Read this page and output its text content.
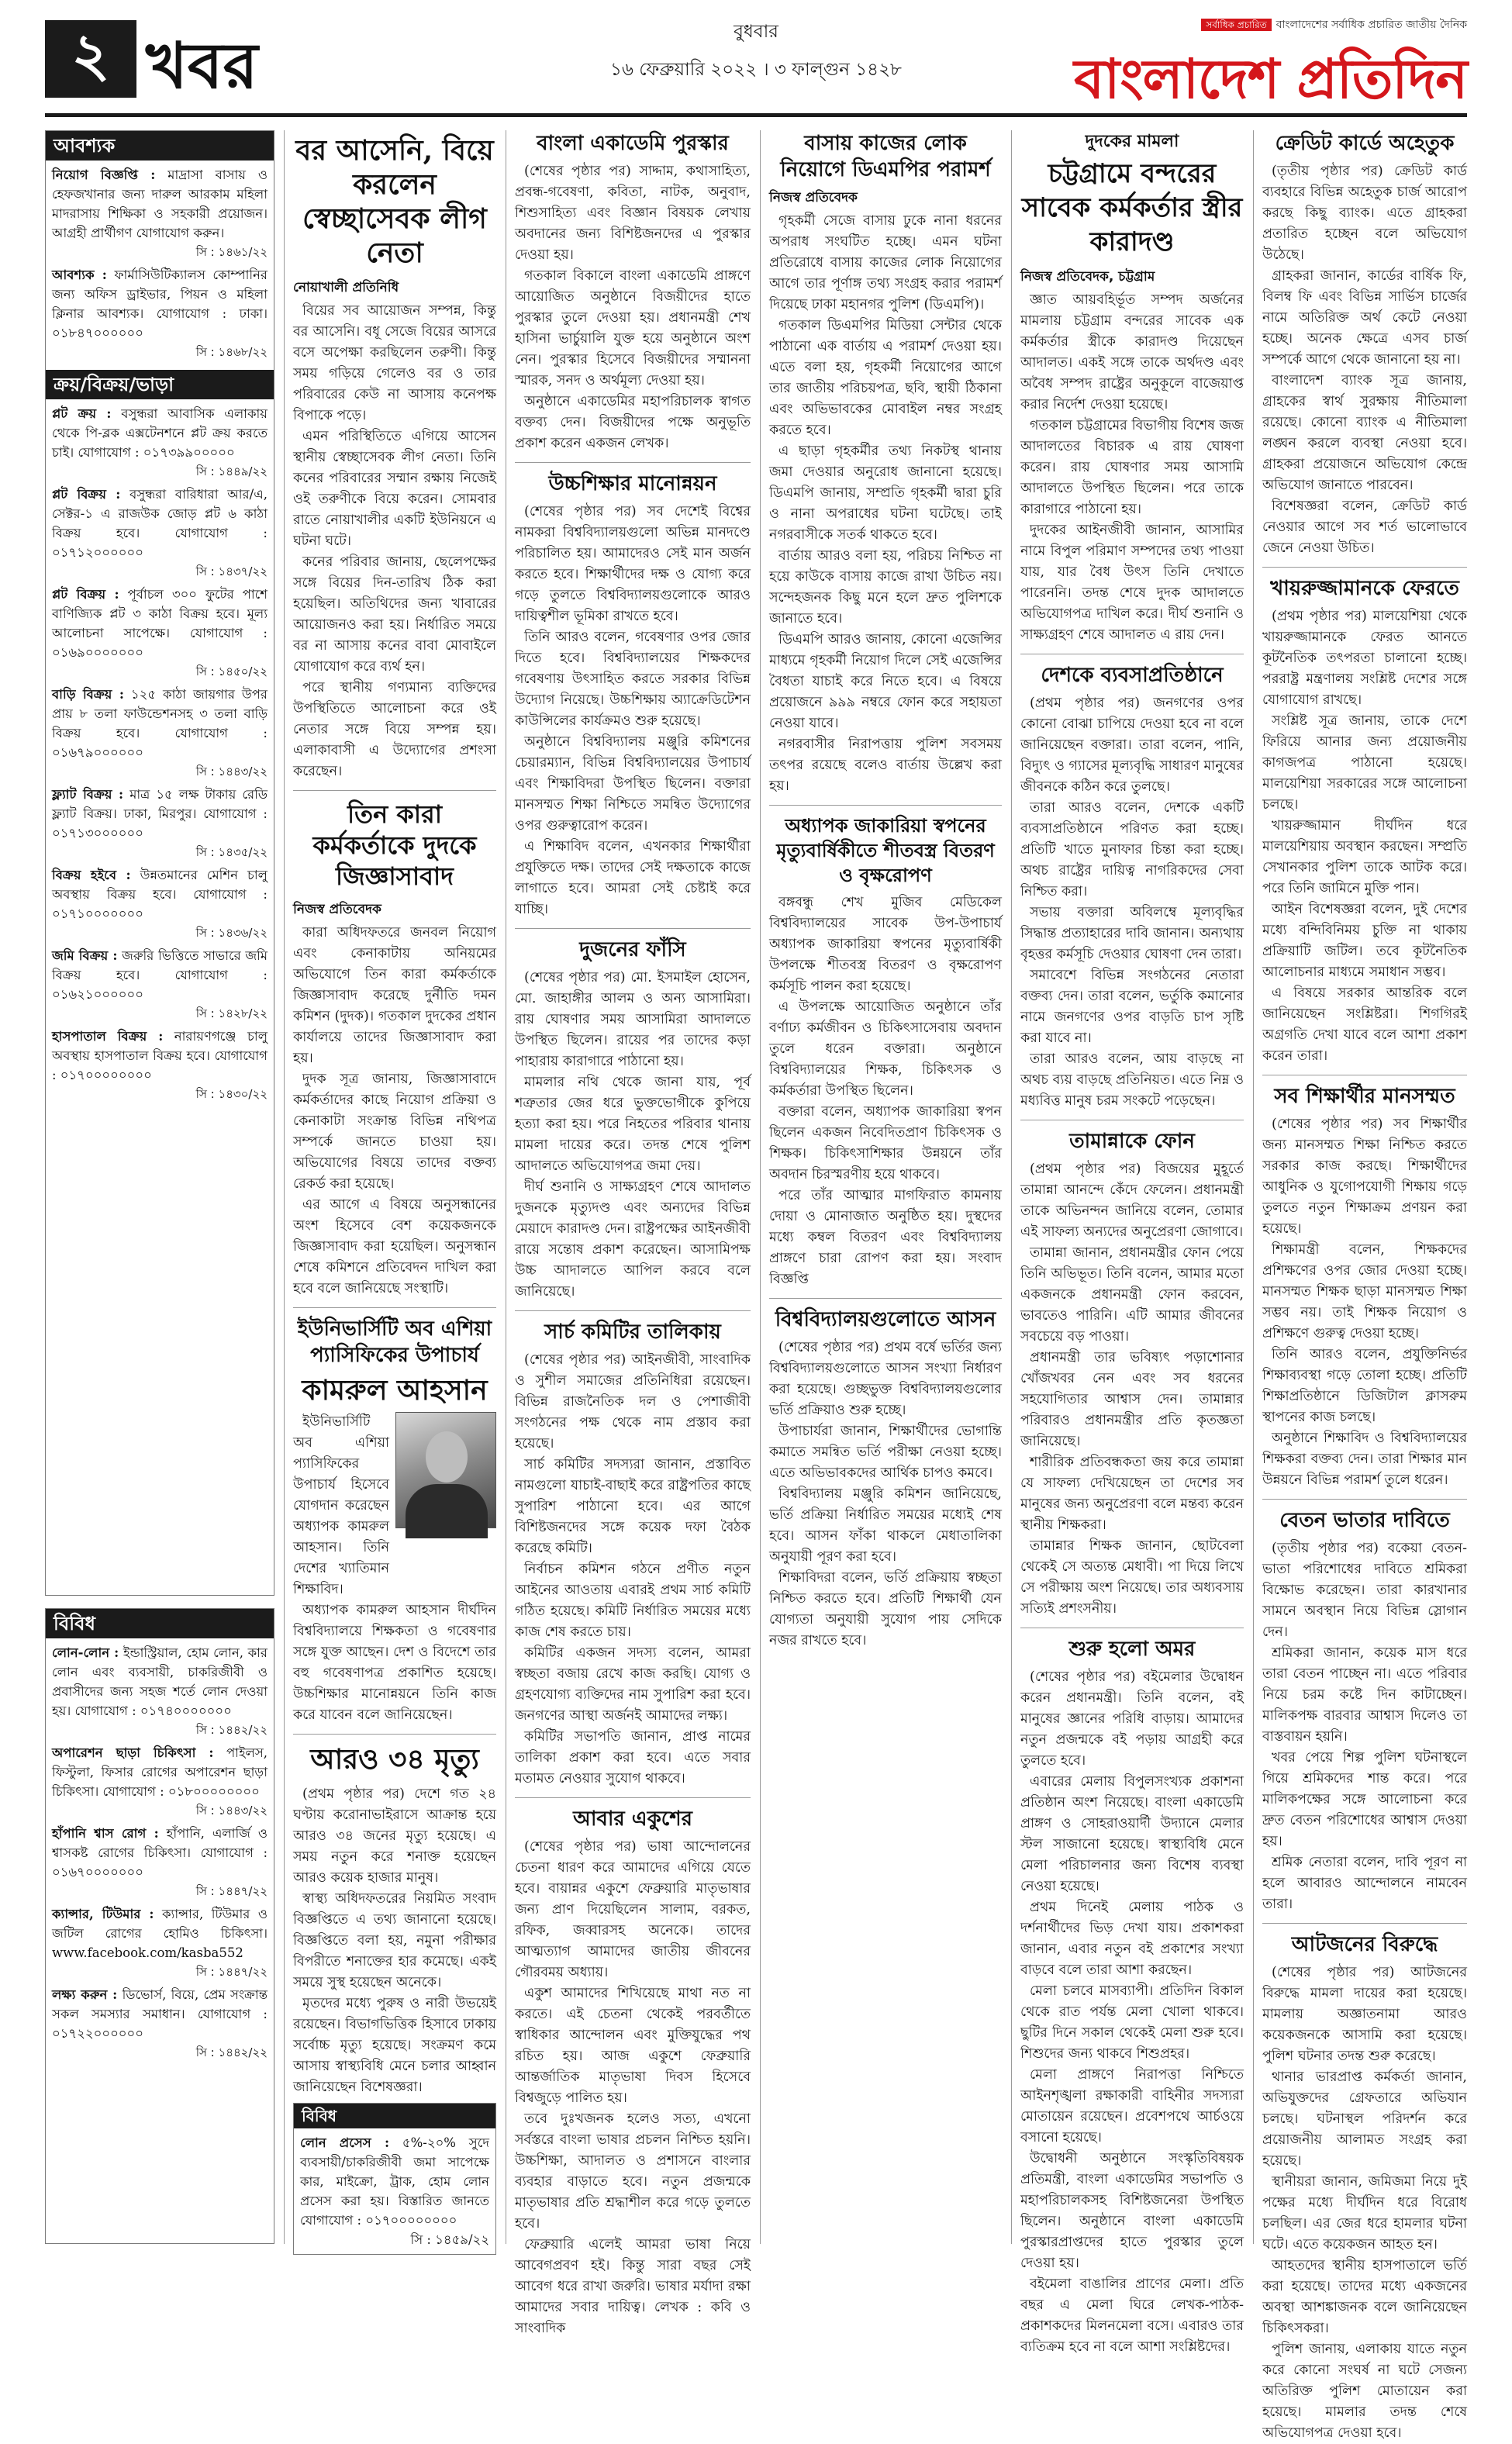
২ খবর	বুধবার
১৬ ফেব্রুয়ারি ২০২২ । ৩ ফাল্গুন ১৪২৮
সর্বাধিক প্রচারিত বাংলাদেশের সর্বাধিক প্রচারিত জাতীয় দৈনিক
বাংলাদেশ প্রতিদিন
আবশ্যক
নিয়োগ বিজ্ঞপ্তি : মাদ্রাসা বাসায় ও হেফজখানার জন্য দারুল আরকাম মহিলা মাদরাসায় শিক্ষিকা ও সহকারী প্রয়োজন। আগ্রহী প্রার্থীগণ যোগাযোগ করুন।
সি : ১৪৬১/২২
আবশ্যক : ফার্মাসিউটিক্যালস কোম্পানির জন্য অফিস ড্রাইভার, পিয়ন ও মহিলা ক্লিনার আবশ্যক। যোগাযোগ : ঢাকা। ০১৮৪৭০০০০০০
সি : ১৪৬৮/২২
ক্রয়/বিক্রয়/ভাড়া
প্লট ক্রয় : বসুন্ধরা আবাসিক এলাকায় থেকে পি-ব্লক এক্সটেনশনে প্লট ক্রয় করতে চাই। যোগাযোগ : ০১৭৩৯৯০০০০০
সি : ১৪৪৯/২২
প্লট বিক্রয় : বসুন্ধরা বারিধারা আর/এ, সেক্টর-১ এ রাজউক জোড় প্লট ৬ কাঠা বিক্রয় হবে। যোগাযোগ : ০১৭১২০০০০০০
সি : ১৪৩৭/২২
প্লট বিক্রয় : পূর্বাচল ৩০০ ফুটের পাশে বাণিজ্যিক প্লট ৩ কাঠা বিক্রয় হবে। মূল্য আলোচনা সাপেক্ষে। যোগাযোগ : ০১৬৯০০০০০০০
সি : ১৪৫০/২২
বাড়ি বিক্রয় : ১২৫ কাঠা জায়গার উপর প্রায় ৮ তলা ফাউন্ডেশনসহ ৩ তলা বাড়ি বিক্রয় হবে। যোগাযোগ : ০১৬৭৯০০০০০০
সি : ১৪৪৩/২২
ফ্ল্যাট বিক্রয় : মাত্র ১৫ লক্ষ টাকায় রেডি ফ্ল্যাট বিক্রয়। ঢাকা, মিরপুর। যোগাযোগ : ০১৭১৩০০০০০০
সি : ১৪৩৫/২২
বিক্রয় হইবে : উন্নতমানের মেশিন চালু অবস্থায় বিক্রয় হবে। যোগাযোগ : ০১৭১০০০০০০০
সি : ১৪৩৬/২২
জমি বিক্রয় : জরুরি ভিত্তিতে সাভারে জমি বিক্রয় হবে। যোগাযোগ : ০১৬২১০০০০০০
সি : ১৪২৮/২২
হাসপাতাল বিক্রয় : নারায়ণগঞ্জে চালু অবস্থায় হাসপাতাল বিক্রয় হবে। যোগাযোগ : ০১৭০০০০০০০০
সি : ১৪৩০/২২
বিবিধ
লোন-লোন : ইন্ডাস্ট্রিয়াল, হোম লোন, কার লোন এবং ব্যবসায়ী, চাকরিজীবী ও প্রবাসীদের জন্য সহজ শর্তে লোন দেওয়া হয়। যোগাযোগ : ০১৭৪০০০০০০০
সি : ১৪৪২/২২
অপারেশন ছাড়া চিকিৎসা : পাইলস, ফিস্টুলা, ফিসার রোগের অপারেশন ছাড়া চিকিৎসা। যোগাযোগ : ০১৮০০০০০০০০
সি : ১৪৪৩/২২
হাঁপানি শ্বাস রোগ : হাঁপানি, এলার্জি ও শ্বাসকষ্ট রোগের চিকিৎসা। যোগাযোগ : ০১৬৭০০০০০০০
সি : ১৪৪৭/২২
ক্যান্সার, টিউমার : ক্যান্সার, টিউমার ও জটিল রোগের হোমিও চিকিৎসা। www.facebook.com/kasba552
সি : ১৪৪৭/২২
লক্ষ্য করুন : ডিভোর্স, বিয়ে, প্রেম সংক্রান্ত সকল সমস্যার সমাধান। যোগাযোগ : ০১৭২২০০০০০০
সি : ১৪৪২/২২
বর আসেনি, বিয়ে করলেন স্বেচ্ছাসেবক লীগ নেতা
নোয়াখালী প্রতিনিধি

বিয়ের সব আয়োজন সম্পন্ন, কিন্তু বর আসেনি। বধূ সেজে বিয়ের আসরে বসে অপেক্ষা করছিলেন তরুণী। কিন্তু সময় গড়িয়ে গেলেও বর ও তার পরিবারের কেউ না আসায় কনেপক্ষ বিপাকে পড়ে।

এমন পরিস্থিতিতে এগিয়ে আসেন স্থানীয় স্বেচ্ছাসেবক লীগ নেতা। তিনি কনের পরিবারের সম্মান রক্ষায় নিজেই ওই তরুণীকে বিয়ে করেন। সোমবার রাতে নোয়াখালীর একটি ইউনিয়নে এ ঘটনা ঘটে।

কনের পরিবার জানায়, ছেলেপক্ষের সঙ্গে বিয়ের দিন-তারিখ ঠিক করা হয়েছিল। অতিথিদের জন্য খাবারের আয়োজনও করা হয়। নির্ধারিত সময়ে বর না আসায় কনের বাবা মোবাইলে যোগাযোগ করে ব্যর্থ হন।

পরে স্থানীয় গণ্যমান্য ব্যক্তিদের উপস্থিতিতে আলোচনা করে ওই নেতার সঙ্গে বিয়ে সম্পন্ন হয়। এলাকাবাসী এ উদ্যোগের প্রশংসা করেছেন।

তিন কারা কর্মকর্তাকে দুদকে জিজ্ঞাসাবাদ
নিজস্ব প্রতিবেদক

কারা অধিদফতরে জনবল নিয়োগ এবং কেনাকাটায় অনিয়মের অভিযোগে তিন কারা কর্মকর্তাকে জিজ্ঞাসাবাদ করেছে দুর্নীতি দমন কমিশন (দুদক)। গতকাল দুদকের প্রধান কার্যালয়ে তাদের জিজ্ঞাসাবাদ করা হয়।

দুদক সূত্র জানায়, জিজ্ঞাসাবাদে কর্মকর্তাদের কাছে নিয়োগ প্রক্রিয়া ও কেনাকাটা সংক্রান্ত বিভিন্ন নথিপত্র সম্পর্কে জানতে চাওয়া হয়। অভিযোগের বিষয়ে তাদের বক্তব্য রেকর্ড করা হয়েছে।

এর আগে এ বিষয়ে অনুসন্ধানের অংশ হিসেবে বেশ কয়েকজনকে জিজ্ঞাসাবাদ করা হয়েছিল। অনুসন্ধান শেষে কমিশনে প্রতিবেদন দাখিল করা হবে বলে জানিয়েছে সংস্থাটি।

ইউনিভার্সিটি অব এশিয়া প্যাসিফিকের উপাচার্য
কামরুল আহসান

ইউনিভার্সিটি অব এশিয়া প্যাসিফিকের উপাচার্য হিসেবে যোগদান করেছেন অধ্যাপক কামরুল আহসান। তিনি দেশের খ্যাতিমান শিক্ষাবিদ।

অধ্যাপক কামরুল আহসান দীর্ঘদিন বিশ্ববিদ্যালয়ে শিক্ষকতা ও গবেষণার সঙ্গে যুক্ত আছেন। দেশ ও বিদেশে তার বহু গবেষণাপত্র প্রকাশিত হয়েছে। উচ্চশিক্ষার মানোন্নয়নে তিনি কাজ করে যাবেন বলে জানিয়েছেন।

আরও ৩৪ মৃত্যু

(প্রথম পৃষ্ঠার পর) দেশে গত ২৪ ঘণ্টায় করোনাভাইরাসে আক্রান্ত হয়ে আরও ৩৪ জনের মৃত্যু হয়েছে। এ সময় নতুন করে শনাক্ত হয়েছেন আরও কয়েক হাজার মানুষ।

স্বাস্থ্য অধিদফতরের নিয়মিত সংবাদ বিজ্ঞপ্তিতে এ তথ্য জানানো হয়েছে। বিজ্ঞপ্তিতে বলা হয়, নমুনা পরীক্ষার বিপরীতে শনাক্তের হার কমেছে। একই সময়ে সুস্থ হয়েছেন অনেকে।

মৃতদের মধ্যে পুরুষ ও নারী উভয়েই রয়েছেন। বিভাগভিত্তিক হিসাবে ঢাকায় সর্বোচ্চ মৃত্যু হয়েছে। সংক্রমণ কমে আসায় স্বাস্থ্যবিধি মেনে চলার আহ্বান জানিয়েছেন বিশেষজ্ঞরা।

বিবিধ
লোন প্রসেস : ৫%-২০% সুদে ব্যবসায়ী/চাকরিজীবী জমা সাপেক্ষে কার, মাইক্রো, ট্রাক, হোম লোন প্রসেস করা হয়। বিস্তারিত জানতে যোগাযোগ : ০১৭০০০০০০০০
সি : ১৪৫৯/২২
বাংলা একাডেমি পুরস্কার

(শেষের পৃষ্ঠার পর) সাদ্দাম, কথাসাহিত্য, প্রবন্ধ-গবেষণা, কবিতা, নাটক, অনুবাদ, শিশুসাহিত্য এবং বিজ্ঞান বিষয়ক লেখায় অবদানের জন্য বিশিষ্টজনদের এ পুরস্কার দেওয়া হয়।

গতকাল বিকালে বাংলা একাডেমি প্রাঙ্গণে আয়োজিত অনুষ্ঠানে বিজয়ীদের হাতে পুরস্কার তুলে দেওয়া হয়। প্রধানমন্ত্রী শেখ হাসিনা ভার্চুয়ালি যুক্ত হয়ে অনুষ্ঠানে অংশ নেন। পুরস্কার হিসেবে বিজয়ীদের সম্মাননা স্মারক, সনদ ও অর্থমূল্য দেওয়া হয়।

অনুষ্ঠানে একাডেমির মহাপরিচালক স্বাগত বক্তব্য দেন। বিজয়ীদের পক্ষে অনুভূতি প্রকাশ করেন একজন লেখক।

উচ্চশিক্ষার মানোন্নয়ন

(শেষের পৃষ্ঠার পর) সব দেশেই বিশ্বের নামকরা বিশ্ববিদ্যালয়গুলো অভিন্ন মানদণ্ডে পরিচালিত হয়। আমাদেরও সেই মান অর্জন করতে হবে। শিক্ষার্থীদের দক্ষ ও যোগ্য করে গড়ে তুলতে বিশ্ববিদ্যালয়গুলোকে আরও দায়িত্বশীল ভূমিকা রাখতে হবে।

তিনি আরও বলেন, গবেষণার ওপর জোর দিতে হবে। বিশ্ববিদ্যালয়ের শিক্ষকদের গবেষণায় উৎসাহিত করতে সরকার বিভিন্ন উদ্যোগ নিয়েছে। উচ্চশিক্ষায় অ্যাক্রেডিটেশন কাউন্সিলের কার্যক্রমও শুরু হয়েছে।

অনুষ্ঠানে বিশ্ববিদ্যালয় মঞ্জুরি কমিশনের চেয়ারম্যান, বিভিন্ন বিশ্ববিদ্যালয়ের উপাচার্য এবং শিক্ষাবিদরা উপস্থিত ছিলেন। বক্তারা মানসম্মত শিক্ষা নিশ্চিতে সমন্বিত উদ্যোগের ওপর গুরুত্বারোপ করেন।

এ শিক্ষাবিদ বলেন, এখনকার শিক্ষার্থীরা প্রযুক্তিতে দক্ষ। তাদের সেই দক্ষতাকে কাজে লাগাতে হবে। আমরা সেই চেষ্টাই করে যাচ্ছি।

দুজনের ফাঁসি

(শেষের পৃষ্ঠার পর) মো. ইসমাইল হোসেন, মো. জাহাঙ্গীর আলম ও অন্য আসামিরা। রায় ঘোষণার সময় আসামিরা আদালতে উপস্থিত ছিলেন। রায়ের পর তাদের কড়া পাহারায় কারাগারে পাঠানো হয়।

মামলার নথি থেকে জানা যায়, পূর্ব শত্রুতার জের ধরে ভুক্তভোগীকে কুপিয়ে হত্যা করা হয়। পরে নিহতের পরিবার থানায় মামলা দায়ের করে। তদন্ত শেষে পুলিশ আদালতে অভিযোগপত্র জমা দেয়।

দীর্ঘ শুনানি ও সাক্ষ্যগ্রহণ শেষে আদালত দুজনকে মৃত্যুদণ্ড এবং অন্যদের বিভিন্ন মেয়াদে কারাদণ্ড দেন। রাষ্ট্রপক্ষের আইনজীবী রায়ে সন্তোষ প্রকাশ করেছেন। আসামিপক্ষ উচ্চ আদালতে আপিল করবে বলে জানিয়েছে।

সার্চ কমিটির তালিকায়

(শেষের পৃষ্ঠার পর) আইনজীবী, সাংবাদিক ও সুশীল সমাজের প্রতিনিধিরা রয়েছেন। বিভিন্ন রাজনৈতিক দল ও পেশাজীবী সংগঠনের পক্ষ থেকে নাম প্রস্তাব করা হয়েছে।

সার্চ কমিটির সদস্যরা জানান, প্রস্তাবিত নামগুলো যাচাই-বাছাই করে রাষ্ট্রপতির কাছে সুপারিশ পাঠানো হবে। এর আগে বিশিষ্টজনদের সঙ্গে কয়েক দফা বৈঠক করেছে কমিটি।

নির্বাচন কমিশন গঠনে প্রণীত নতুন আইনের আওতায় এবারই প্রথম সার্চ কমিটি গঠিত হয়েছে। কমিটি নির্ধারিত সময়ের মধ্যে কাজ শেষ করতে চায়।

কমিটির একজন সদস্য বলেন, আমরা স্বচ্ছতা বজায় রেখে কাজ করছি। যোগ্য ও গ্রহণযোগ্য ব্যক্তিদের নাম সুপারিশ করা হবে। জনগণের আস্থা অর্জনই আমাদের লক্ষ্য।

কমিটির সভাপতি জানান, প্রাপ্ত নামের তালিকা প্রকাশ করা হবে। এতে সবার মতামত নেওয়ার সুযোগ থাকবে।

আবার একুশের

(শেষের পৃষ্ঠার পর) ভাষা আন্দোলনের চেতনা ধারণ করে আমাদের এগিয়ে যেতে হবে। বায়ান্নর একুশে ফেব্রুয়ারি মাতৃভাষার জন্য প্রাণ দিয়েছিলেন সালাম, বরকত, রফিক, জব্বারসহ অনেকে। তাদের আত্মত্যাগ আমাদের জাতীয় জীবনের গৌরবময় অধ্যায়।

একুশ আমাদের শিখিয়েছে মাথা নত না করতে। এই চেতনা থেকেই পরবর্তীতে স্বাধিকার আন্দোলন এবং মুক্তিযুদ্ধের পথ রচিত হয়। আজ একুশে ফেব্রুয়ারি আন্তর্জাতিক মাতৃভাষা দিবস হিসেবে বিশ্বজুড়ে পালিত হয়।

তবে দুঃখজনক হলেও সত্য, এখনো সর্বস্তরে বাংলা ভাষার প্রচলন নিশ্চিত হয়নি। উচ্চশিক্ষা, আদালত ও প্রশাসনে বাংলার ব্যবহার বাড়াতে হবে। নতুন প্রজন্মকে মাতৃভাষার প্রতি শ্রদ্ধাশীল করে গড়ে তুলতে হবে।

ফেব্রুয়ারি এলেই আমরা ভাষা নিয়ে আবেগপ্রবণ হই। কিন্তু সারা বছর সেই আবেগ ধরে রাখা জরুরি। ভাষার মর্যাদা রক্ষা আমাদের সবার দায়িত্ব। লেখক : কবি ও সাংবাদিক

বাসায় কাজের লোক নিয়োগে ডিএমপির পরামর্শ
নিজস্ব প্রতিবেদক

গৃহকর্মী সেজে বাসায় ঢুকে নানা ধরনের অপরাধ সংঘটিত হচ্ছে। এমন ঘটনা প্রতিরোধে বাসায় কাজের লোক নিয়োগের আগে তার পূর্ণাঙ্গ তথ্য সংগ্রহ করার পরামর্শ দিয়েছে ঢাকা মহানগর পুলিশ (ডিএমপি)।

গতকাল ডিএমপির মিডিয়া সেন্টার থেকে পাঠানো এক বার্তায় এ পরামর্শ দেওয়া হয়। এতে বলা হয়, গৃহকর্মী নিয়োগের আগে তার জাতীয় পরিচয়পত্র, ছবি, স্থায়ী ঠিকানা এবং অভিভাবকের মোবাইল নম্বর সংগ্রহ করতে হবে।

এ ছাড়া গৃহকর্মীর তথ্য নিকটস্থ থানায় জমা দেওয়ার অনুরোধ জানানো হয়েছে। ডিএমপি জানায়, সম্প্রতি গৃহকর্মী দ্বারা চুরি ও নানা অপরাধের ঘটনা ঘটেছে। তাই নগরবাসীকে সতর্ক থাকতে হবে।

বার্তায় আরও বলা হয়, পরিচয় নিশ্চিত না হয়ে কাউকে বাসায় কাজে রাখা উচিত নয়। সন্দেহজনক কিছু মনে হলে দ্রুত পুলিশকে জানাতে হবে।

ডিএমপি আরও জানায়, কোনো এজেন্সির মাধ্যমে গৃহকর্মী নিয়োগ দিলে সেই এজেন্সির বৈধতা যাচাই করে নিতে হবে। এ বিষয়ে প্রয়োজনে ৯৯৯ নম্বরে ফোন করে সহায়তা নেওয়া যাবে।

নগরবাসীর নিরাপত্তায় পুলিশ সবসময় তৎপর রয়েছে বলেও বার্তায় উল্লেখ করা হয়।

অধ্যাপক জাকারিয়া স্বপনের মৃত্যুবার্ষিকীতে শীতবস্ত্র বিতরণ ও বৃক্ষরোপণ

বঙ্গবন্ধু শেখ মুজিব মেডিকেল বিশ্ববিদ্যালয়ের সাবেক উপ-উপাচার্য অধ্যাপক জাকারিয়া স্বপনের মৃত্যুবার্ষিকী উপলক্ষে শীতবস্ত্র বিতরণ ও বৃক্ষরোপণ কর্মসূচি পালন করা হয়েছে।

এ উপলক্ষে আয়োজিত অনুষ্ঠানে তাঁর বর্ণাঢ্য কর্মজীবন ও চিকিৎসাসেবায় অবদান তুলে ধরেন বক্তারা। অনুষ্ঠানে বিশ্ববিদ্যালয়ের শিক্ষক, চিকিৎসক ও কর্মকর্তারা উপস্থিত ছিলেন।

বক্তারা বলেন, অধ্যাপক জাকারিয়া স্বপন ছিলেন একজন নিবেদিতপ্রাণ চিকিৎসক ও শিক্ষক। চিকিৎসাশিক্ষার উন্নয়নে তাঁর অবদান চিরস্মরণীয় হয়ে থাকবে।

পরে তাঁর আত্মার মাগফিরাত কামনায় দোয়া ও মোনাজাত অনুষ্ঠিত হয়। দুস্থদের মধ্যে কম্বল বিতরণ এবং বিশ্ববিদ্যালয় প্রাঙ্গণে চারা রোপণ করা হয়। সংবাদ বিজ্ঞপ্তি

বিশ্ববিদ্যালয়গুলোতে আসন

(শেষের পৃষ্ঠার পর) প্রথম বর্ষে ভর্তির জন্য বিশ্ববিদ্যালয়গুলোতে আসন সংখ্যা নির্ধারণ করা হয়েছে। গুচ্ছভুক্ত বিশ্ববিদ্যালয়গুলোর ভর্তি প্রক্রিয়াও শুরু হচ্ছে।

উপাচার্যরা জানান, শিক্ষার্থীদের ভোগান্তি কমাতে সমন্বিত ভর্তি পরীক্ষা নেওয়া হচ্ছে। এতে অভিভাবকদের আর্থিক চাপও কমবে।

বিশ্ববিদ্যালয় মঞ্জুরি কমিশন জানিয়েছে, ভর্তি প্রক্রিয়া নির্ধারিত সময়ের মধ্যেই শেষ হবে। আসন ফাঁকা থাকলে মেধাতালিকা অনুযায়ী পূরণ করা হবে।

শিক্ষাবিদরা বলেন, ভর্তি প্রক্রিয়ায় স্বচ্ছতা নিশ্চিত করতে হবে। প্রতিটি শিক্ষার্থী যেন যোগ্যতা অনুযায়ী সুযোগ পায় সেদিকে নজর রাখতে হবে।

দুদকের মামলা
চট্টগ্রামে বন্দরের সাবেক কর্মকর্তার স্ত্রীর কারাদণ্ড
নিজস্ব প্রতিবেদক, চট্টগ্রাম

জ্ঞাত আয়বহির্ভূত সম্পদ অর্জনের মামলায় চট্টগ্রাম বন্দরের সাবেক এক কর্মকর্তার স্ত্রীকে কারাদণ্ড দিয়েছেন আদালত। একই সঙ্গে তাকে অর্থদণ্ড এবং অবৈধ সম্পদ রাষ্ট্রের অনুকূলে বাজেয়াপ্ত করার নির্দেশ দেওয়া হয়েছে।

গতকাল চট্টগ্রামের বিভাগীয় বিশেষ জজ আদালতের বিচারক এ রায় ঘোষণা করেন। রায় ঘোষণার সময় আসামি আদালতে উপস্থিত ছিলেন। পরে তাকে কারাগারে পাঠানো হয়।

দুদকের আইনজীবী জানান, আসামির নামে বিপুল পরিমাণ সম্পদের তথ্য পাওয়া যায়, যার বৈধ উৎস তিনি দেখাতে পারেননি। তদন্ত শেষে দুদক আদালতে অভিযোগপত্র দাখিল করে। দীর্ঘ শুনানি ও সাক্ষ্যগ্রহণ শেষে আদালত এ রায় দেন।

দেশকে ব্যবসাপ্রতিষ্ঠানে

(প্রথম পৃষ্ঠার পর) জনগণের ওপর কোনো বোঝা চাপিয়ে দেওয়া হবে না বলে জানিয়েছেন বক্তারা। তারা বলেন, পানি, বিদ্যুৎ ও গ্যাসের মূল্যবৃদ্ধি সাধারণ মানুষের জীবনকে কঠিন করে তুলছে।

তারা আরও বলেন, দেশকে একটি ব্যবসাপ্রতিষ্ঠানে পরিণত করা হচ্ছে। প্রতিটি খাতে মুনাফার চিন্তা করা হচ্ছে। অথচ রাষ্ট্রের দায়িত্ব নাগরিকদের সেবা নিশ্চিত করা।

সভায় বক্তারা অবিলম্বে মূল্যবৃদ্ধির সিদ্ধান্ত প্রত্যাহারের দাবি জানান। অন্যথায় বৃহত্তর কর্মসূচি দেওয়ার ঘোষণা দেন তারা।

সমাবেশে বিভিন্ন সংগঠনের নেতারা বক্তব্য দেন। তারা বলেন, ভর্তুকি কমানোর নামে জনগণের ওপর বাড়তি চাপ সৃষ্টি করা যাবে না।

তারা আরও বলেন, আয় বাড়ছে না অথচ ব্যয় বাড়ছে প্রতিনিয়ত। এতে নিম্ন ও মধ্যবিত্ত মানুষ চরম সংকটে পড়েছেন।

তামান্নাকে ফোন

(প্রথম পৃষ্ঠার পর) বিজয়ের মুহূর্তে তামান্না আনন্দে কেঁদে ফেলেন। প্রধানমন্ত্রী তাকে অভিনন্দন জানিয়ে বলেন, তোমার এই সাফল্য অন্যদের অনুপ্রেরণা জোগাবে।

তামান্না জানান, প্রধানমন্ত্রীর ফোন পেয়ে তিনি অভিভূত। তিনি বলেন, আমার মতো একজনকে প্রধানমন্ত্রী ফোন করবেন, ভাবতেও পারিনি। এটি আমার জীবনের সবচেয়ে বড় পাওয়া।

প্রধানমন্ত্রী তার ভবিষ্যৎ পড়াশোনার খোঁজখবর নেন এবং সব ধরনের সহযোগিতার আশ্বাস দেন। তামান্নার পরিবারও প্রধানমন্ত্রীর প্রতি কৃতজ্ঞতা জানিয়েছে।

শারীরিক প্রতিবন্ধকতা জয় করে তামান্না যে সাফল্য দেখিয়েছেন তা দেশের সব মানুষের জন্য অনুপ্রেরণা বলে মন্তব্য করেন স্থানীয় শিক্ষকরা।

তামান্নার শিক্ষক জানান, ছোটবেলা থেকেই সে অত্যন্ত মেধাবী। পা দিয়ে লিখে সে পরীক্ষায় অংশ নিয়েছে। তার অধ্যবসায় সত্যিই প্রশংসনীয়।

শুরু হলো অমর

(শেষের পৃষ্ঠার পর) বইমেলার উদ্বোধন করেন প্রধানমন্ত্রী। তিনি বলেন, বই মানুষের জ্ঞানের পরিধি বাড়ায়। আমাদের নতুন প্রজন্মকে বই পড়ায় আগ্রহী করে তুলতে হবে।

এবারের মেলায় বিপুলসংখ্যক প্রকাশনা প্রতিষ্ঠান অংশ নিয়েছে। বাংলা একাডেমি প্রাঙ্গণ ও সোহরাওয়ার্দী উদ্যানে মেলার স্টল সাজানো হয়েছে। স্বাস্থ্যবিধি মেনে মেলা পরিচালনার জন্য বিশেষ ব্যবস্থা নেওয়া হয়েছে।

প্রথম দিনেই মেলায় পাঠক ও দর্শনার্থীদের ভিড় দেখা যায়। প্রকাশকরা জানান, এবার নতুন বই প্রকাশের সংখ্যা বাড়বে বলে তারা আশা করছেন।

মেলা চলবে মাসব্যাপী। প্রতিদিন বিকাল থেকে রাত পর্যন্ত মেলা খোলা থাকবে। ছুটির দিনে সকাল থেকেই মেলা শুরু হবে। শিশুদের জন্য থাকবে শিশুপ্রহর।

মেলা প্রাঙ্গণে নিরাপত্তা নিশ্চিতে আইনশৃঙ্খলা রক্ষাকারী বাহিনীর সদস্যরা মোতায়েন রয়েছেন। প্রবেশপথে আর্চওয়ে বসানো হয়েছে।

উদ্বোধনী অনুষ্ঠানে সংস্কৃতিবিষয়ক প্রতিমন্ত্রী, বাংলা একাডেমির সভাপতি ও মহাপরিচালকসহ বিশিষ্টজনেরা উপস্থিত ছিলেন। অনুষ্ঠানে বাংলা একাডেমি পুরস্কারপ্রাপ্তদের হাতে পুরস্কার তুলে দেওয়া হয়।

বইমেলা বাঙালির প্রাণের মেলা। প্রতি বছর এ মেলা ঘিরে লেখক-পাঠক-প্রকাশকদের মিলনমেলা বসে। এবারও তার ব্যতিক্রম হবে না বলে আশা সংশ্লিষ্টদের।

ক্রেডিট কার্ডে অহেতুক

(তৃতীয় পৃষ্ঠার পর) ক্রেডিট কার্ড ব্যবহারে বিভিন্ন অহেতুক চার্জ আরোপ করছে কিছু ব্যাংক। এতে গ্রাহকরা প্রতারিত হচ্ছেন বলে অভিযোগ উঠেছে।

গ্রাহকরা জানান, কার্ডের বার্ষিক ফি, বিলম্ব ফি এবং বিভিন্ন সার্ভিস চার্জের নামে অতিরিক্ত অর্থ কেটে নেওয়া হচ্ছে। অনেক ক্ষেত্রে এসব চার্জ সম্পর্কে আগে থেকে জানানো হয় না।

বাংলাদেশ ব্যাংক সূত্র জানায়, গ্রাহকের স্বার্থ সুরক্ষায় নীতিমালা রয়েছে। কোনো ব্যাংক এ নীতিমালা লঙ্ঘন করলে ব্যবস্থা নেওয়া হবে। গ্রাহকরা প্রয়োজনে অভিযোগ কেন্দ্রে অভিযোগ জানাতে পারবেন।

বিশেষজ্ঞরা বলেন, ক্রেডিট কার্ড নেওয়ার আগে সব শর্ত ভালোভাবে জেনে নেওয়া উচিত।

খায়রুজ্জামানকে ফেরতে

(প্রথম পৃষ্ঠার পর) মালয়েশিয়া থেকে খায়রুজ্জামানকে ফেরত আনতে কূটনৈতিক তৎপরতা চালানো হচ্ছে। পররাষ্ট্র মন্ত্রণালয় সংশ্লিষ্ট দেশের সঙ্গে যোগাযোগ রাখছে।

সংশ্লিষ্ট সূত্র জানায়, তাকে দেশে ফিরিয়ে আনার জন্য প্রয়োজনীয় কাগজপত্র পাঠানো হয়েছে। মালয়েশিয়া সরকারের সঙ্গে আলোচনা চলছে।

খায়রুজ্জামান দীর্ঘদিন ধরে মালয়েশিয়ায় অবস্থান করছেন। সম্প্রতি সেখানকার পুলিশ তাকে আটক করে। পরে তিনি জামিনে মুক্তি পান।

আইন বিশেষজ্ঞরা বলেন, দুই দেশের মধ্যে বন্দিবিনিময় চুক্তি না থাকায় প্রক্রিয়াটি জটিল। তবে কূটনৈতিক আলোচনার মাধ্যমে সমাধান সম্ভব।

এ বিষয়ে সরকার আন্তরিক বলে জানিয়েছেন সংশ্লিষ্টরা। শিগগিরই অগ্রগতি দেখা যাবে বলে আশা প্রকাশ করেন তারা।

সব শিক্ষার্থীর মানসম্মত

(শেষের পৃষ্ঠার পর) সব শিক্ষার্থীর জন্য মানসম্মত শিক্ষা নিশ্চিত করতে সরকার কাজ করছে। শিক্ষার্থীদের আধুনিক ও যুগোপযোগী শিক্ষায় গড়ে তুলতে নতুন শিক্ষাক্রম প্রণয়ন করা হয়েছে।

শিক্ষামন্ত্রী বলেন, শিক্ষকদের প্রশিক্ষণের ওপর জোর দেওয়া হচ্ছে। মানসম্মত শিক্ষক ছাড়া মানসম্মত শিক্ষা সম্ভব নয়। তাই শিক্ষক নিয়োগ ও প্রশিক্ষণে গুরুত্ব দেওয়া হচ্ছে।

তিনি আরও বলেন, প্রযুক্তিনির্ভর শিক্ষাব্যবস্থা গড়ে তোলা হচ্ছে। প্রতিটি শিক্ষাপ্রতিষ্ঠানে ডিজিটাল ক্লাসরুম স্থাপনের কাজ চলছে।

অনুষ্ঠানে শিক্ষাবিদ ও বিশ্ববিদ্যালয়ের শিক্ষকরা বক্তব্য দেন। তারা শিক্ষার মান উন্নয়নে বিভিন্ন পরামর্শ তুলে ধরেন।

বেতন ভাতার দাবিতে

(তৃতীয় পৃষ্ঠার পর) বকেয়া বেতন-ভাতা পরিশোধের দাবিতে শ্রমিকরা বিক্ষোভ করেছেন। তারা কারখানার সামনে অবস্থান নিয়ে বিভিন্ন স্লোগান দেন।

শ্রমিকরা জানান, কয়েক মাস ধরে তারা বেতন পাচ্ছেন না। এতে পরিবার নিয়ে চরম কষ্টে দিন কাটাচ্ছেন। মালিকপক্ষ বারবার আশ্বাস দিলেও তা বাস্তবায়ন হয়নি।

খবর পেয়ে শিল্প পুলিশ ঘটনাস্থলে গিয়ে শ্রমিকদের শান্ত করে। পরে মালিকপক্ষের সঙ্গে আলোচনা করে দ্রুত বেতন পরিশোধের আশ্বাস দেওয়া হয়।

শ্রমিক নেতারা বলেন, দাবি পূরণ না হলে আবারও আন্দোলনে নামবেন তারা।

আটজনের বিরুদ্ধে

(শেষের পৃষ্ঠার পর) আটজনের বিরুদ্ধে মামলা দায়ের করা হয়েছে। মামলায় অজ্ঞাতনামা আরও কয়েকজনকে আসামি করা হয়েছে। পুলিশ ঘটনার তদন্ত শুরু করেছে।

থানার ভারপ্রাপ্ত কর্মকর্তা জানান, অভিযুক্তদের গ্রেফতারে অভিযান চলছে। ঘটনাস্থল পরিদর্শন করে প্রয়োজনীয় আলামত সংগ্রহ করা হয়েছে।

স্থানীয়রা জানান, জমিজমা নিয়ে দুই পক্ষের মধ্যে দীর্ঘদিন ধরে বিরোধ চলছিল। এর জের ধরে হামলার ঘটনা ঘটে। এতে কয়েকজন আহত হন।

আহতদের স্থানীয় হাসপাতালে ভর্তি করা হয়েছে। তাদের মধ্যে একজনের অবস্থা আশঙ্কাজনক বলে জানিয়েছেন চিকিৎসকরা।

পুলিশ জানায়, এলাকায় যাতে নতুন করে কোনো সংঘর্ষ না ঘটে সেজন্য অতিরিক্ত পুলিশ মোতায়েন করা হয়েছে। মামলার তদন্ত শেষে অভিযোগপত্র দেওয়া হবে।
